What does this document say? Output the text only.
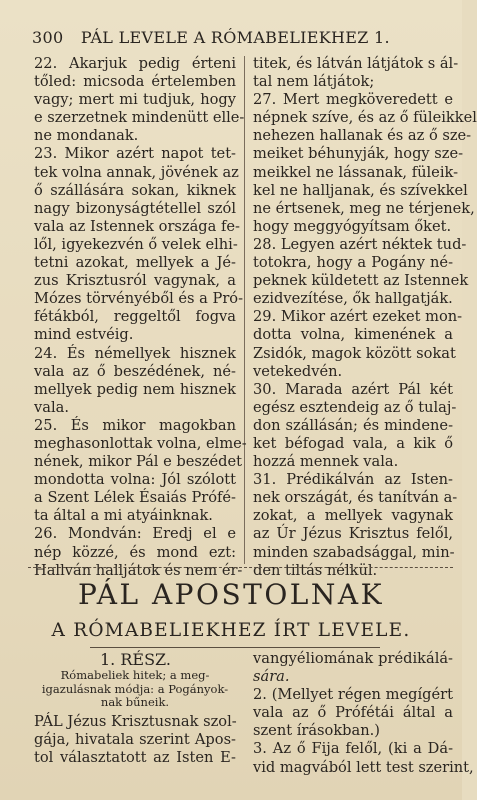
300 PÁL LEVELE A RÓMABELIEKHEZ 1.
22. Akarjuk pedig érteni
tőled: micsoda értelemben
vagy; mert mi tudjuk, hogy
e szerzetnek mindenütt elle-
ne mondanak.
23. Mikor azért napot tet-
tek volna annak, jövének az
ő szállására sokan, kiknek
nagy bizonyságtétellel szól
vala az Istennek országa fe-
lől, igyekezvén ő velek elhi-
tetni azokat, mellyek a Jé-
zus Krisztusról vagynak, a
Mózes törvényéből és a Pró-
fétákból, reggeltől fogva
mind estvéig.
24. És némellyek hisznek
vala az ő beszédének, né-
mellyek pedig nem hisznek
vala.
25. És mikor magokban
meghasonlottak volna, elme-
nének, mikor Pál e beszédet
mondotta volna: Jól szólott
a Szent Lélek Ésaiás Prófé-
ta által a mi atyáinknak.
26. Mondván: Eredj el e
nép közzé, és mond ezt:
Hallván halljátok és nem ér-
titek, és látván látjátok s ál-
tal nem látjátok;
27. Mert megköveredett e
népnek szíve, és az ő füleikkel
nehezen hallanak és az ő sze-
meiket béhunyják, hogy sze-
meikkel ne lássanak, füleik-
kel ne halljanak, és szívekkel
ne értsenek, meg ne térjenek,
hogy meggyógyítsam őket.
28. Legyen azért néktek tud-
totokra, hogy a Pogány né-
peknek küldetett az Istennek
ezidvezítése, ők hallgatják.
29. Mikor azért ezeket mon-
dotta volna, kimenének a
Zsidók, magok között sokat
vetekedvén.
30. Marada azért Pál két
egész esztendeig az ő tulaj-
don szállásán; és mindene-
ket béfogad vala, a kik ő
hozzá mennek vala.
31. Prédikálván az Isten-
nek országát, és tanítván a-
zokat, a mellyek vagynak
az Úr Jézus Krisztus felől,
minden szabadsággal, min-
den tiltás nélkül.
PÁL APOSTOLNAK
A RÓMABELIEKHEZ ÍRT LEVELE.
1. RÉSZ.
Rómabeliek hitek; a meg-
igazulásnak módja: a Pogányok-
nak bűneik.
PÁL Jézus Krisztusnak szol-
gája, hivatala szerint Apos-
tol választatott az Isten E-
vangyéliomának prédikálá-
sára.
2. (Mellyet régen megígért
vala az ő Prófétái által a
szent írásokban.)
3. Az ő Fija felől, (ki a Dá-
vid magvából lett test szerint,
